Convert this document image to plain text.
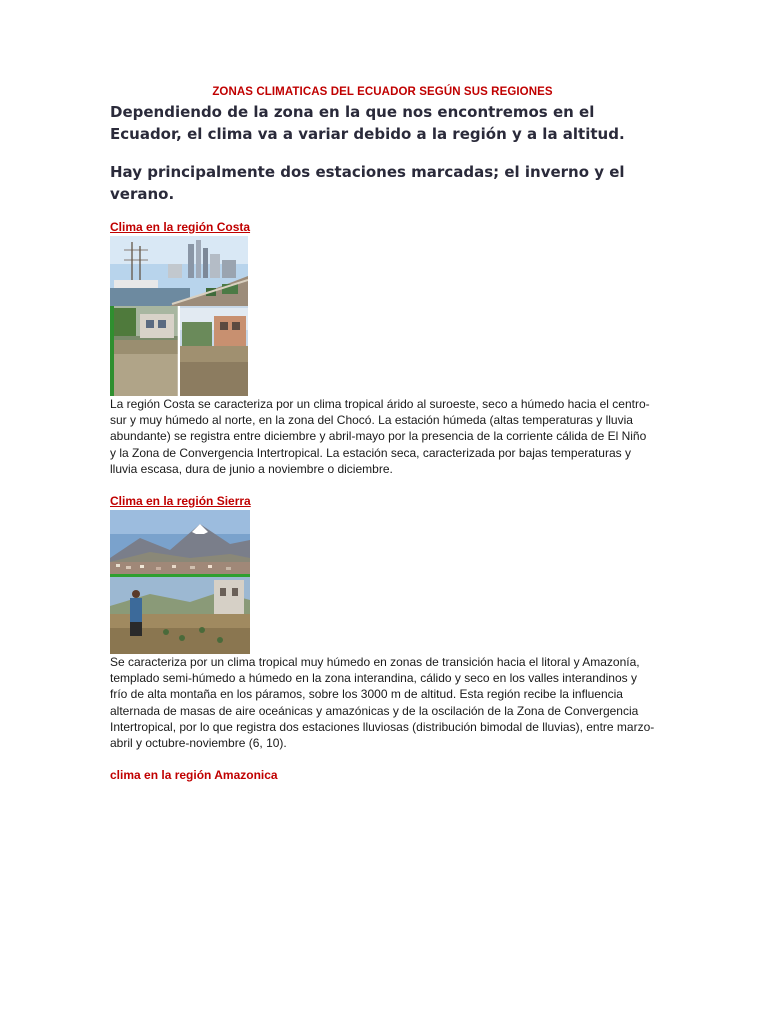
ZONAS CLIMATICAS DEL ECUADOR SEGÚN SUS REGIONES

Dependiendo de la zona en la que nos encontremos en el Ecuador, el clima va a variar debido a la región y a la altitud.

Hay principalmente dos estaciones marcadas; el inverno y el verano.

Clima en la región Costa

La región Costa se caracteriza por un clima tropical árido al suroeste, seco a húmedo hacia el centro-sur y muy húmedo al norte, en la zona del Chocó. La estación húmeda (altas temperaturas y lluvia abundante) se registra entre diciembre y abril-mayo por la presencia de la corriente cálida de El Niño y la Zona de Convergencia Intertropical. La estación seca, caracterizada por bajas temperaturas y lluvia escasa, dura de junio a noviembre o diciembre.

Clima en la región Sierra

Se caracteriza por un clima tropical muy húmedo en zonas de transición hacia el litoral y Amazonía, templado semi-húmedo a húmedo en la zona interandina, cálido y seco en los valles interandinos y frío de alta montaña en los páramos, sobre los 3000 m de altitud. Esta región recibe la influencia alternada de masas de aire oceánicas y amazónicas y de la oscilación de la Zona de Convergencia Intertropical, por lo que registra dos estaciones lluviosas (distribución bimodal de lluvias), entre marzo-abril y octubre-noviembre (6, 10).

clima en la región Amazonica
